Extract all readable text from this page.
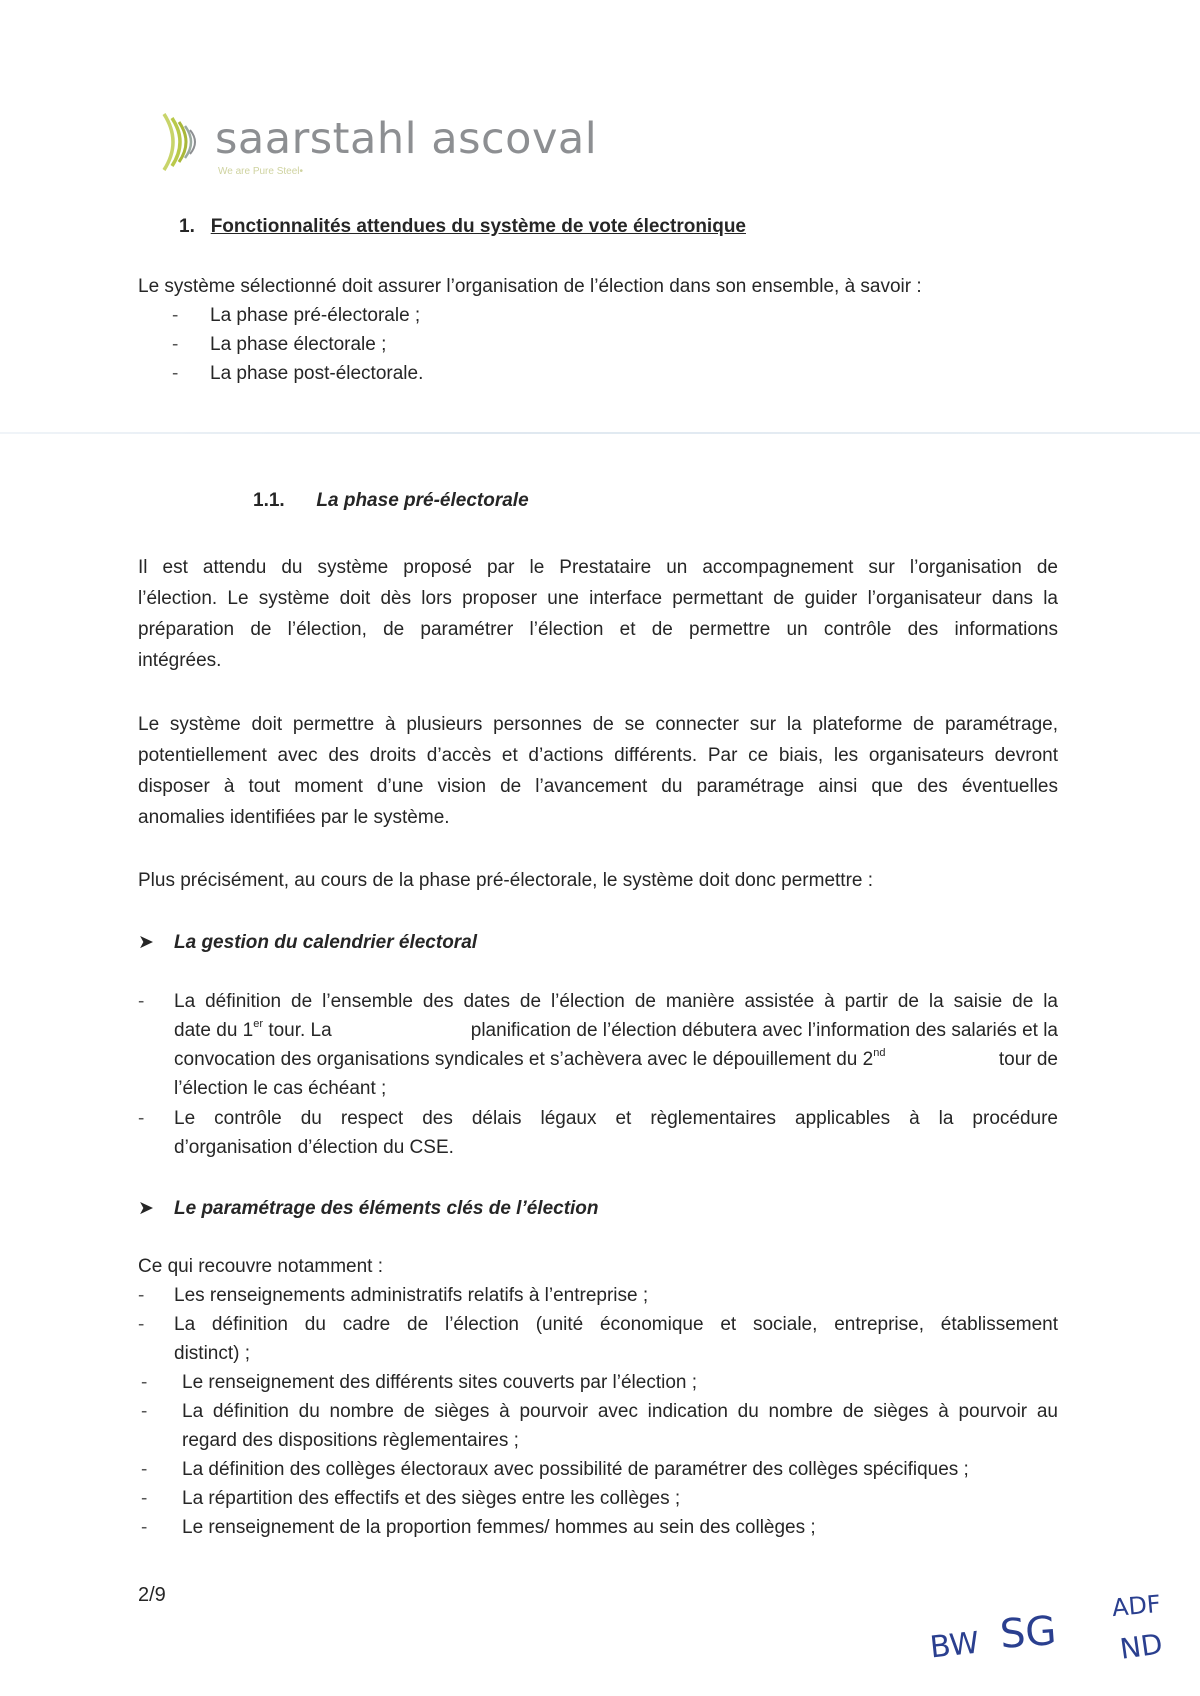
saarstahl ascoval
We are Pure Steel•
1. Fonctionnalités attendues du système de vote électronique
Le système sélectionné doit assurer l’organisation de l’élection dans son ensemble, à savoir :
- La phase pré-électorale ;
- La phase électorale ;
- La phase post-électorale.
1.1. La phase pré-électorale
Il est attendu du système proposé par le Prestataire un accompagnement sur l’organisation de
l’élection. Le système doit dès lors proposer une interface permettant de guider l’organisateur dans la
préparation de l’élection, de paramétrer l’élection et de permettre un contrôle des informations
intégrées.
Le système doit permettre à plusieurs personnes de se connecter sur la plateforme de paramétrage,
potentiellement avec des droits d’accès et d’actions différents. Par ce biais, les organisateurs devront
disposer à tout moment d’une vision de l’avancement du paramétrage ainsi que des éventuelles
anomalies identifiées par le système.
Plus précisément, au cours de la phase pré-électorale, le système doit donc permettre :
➤ La gestion du calendrier électoral
- La définition de l’ensemble des dates de l’élection de manière assistée à partir de la saisie de la
date du 1er tour. La	planification de l’élection débutera avec l’information des salariés et la
convocation des organisations syndicales et s’achèvera avec le dépouillement du 2nd	tour de
l’élection le cas échéant ;
- Le contrôle du respect des délais légaux et règlementaires applicables à la procédure
d’organisation d’élection du CSE.
➤ Le paramétrage des éléments clés de l’élection
Ce qui recouvre notamment :
- Les renseignements administratifs relatifs à l’entreprise ;
- La définition du cadre de l’élection (unité économique et sociale, entreprise, établissement
distinct) ;
- Le renseignement des différents sites couverts par l’élection ;
- La définition du nombre de sièges à pourvoir avec indication du nombre de sièges à pourvoir au
regard des dispositions règlementaires ;
- La définition des collèges électoraux avec possibilité de paramétrer des collèges spécifiques ;
- La répartition des effectifs et des sièges entre les collèges ;
- Le renseignement de la proportion femmes/ hommes au sein des collèges ;
2/9
BW SG
ADF
ND
